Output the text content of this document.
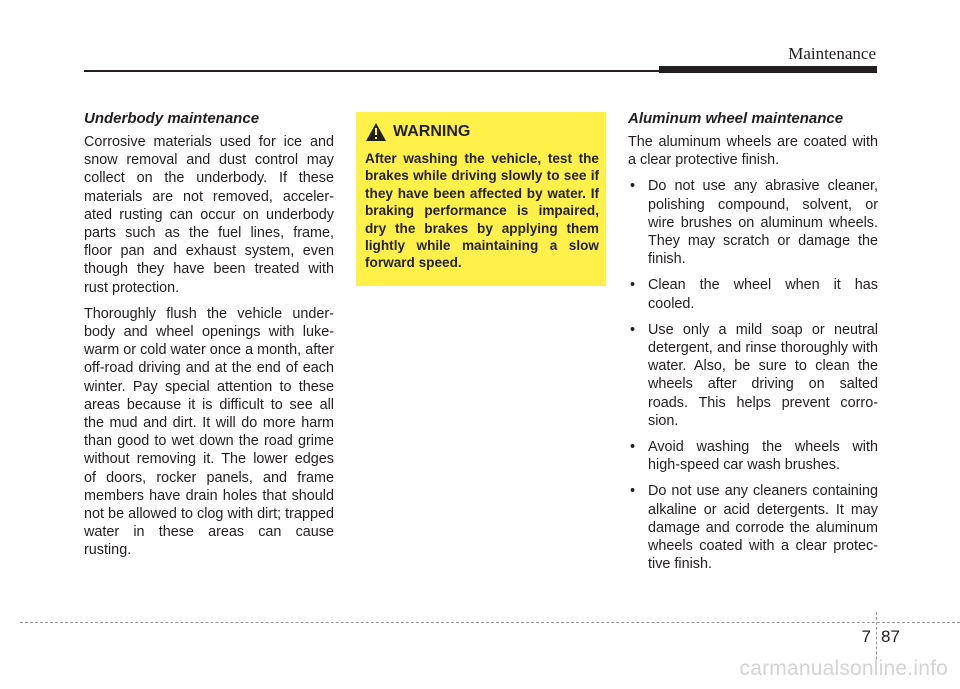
Maintenance
Underbody maintenance

Corrosive materials used for ice and snow removal and dust control may collect on the underbody. If these materials are not removed, acceler- ated rusting can occur on underbody parts such as the fuel lines, frame, floor pan and exhaust system, even though they have been treated with rust protection.

Thoroughly flush the vehicle under- body and wheel openings with luke- warm or cold water once a month, after off-road driving and at the end of each winter. Pay special attention to these areas because it is difficult to see all the mud and dirt. It will do more harm than good to wet down the road grime without removing it. The lower edges of doors, rocker panels, and frame members have drain holes that should not be allowed to clog with dirt; trapped water in these areas can cause rusting.

WARNING

After washing the vehicle, test the brakes while driving slowly to see if they have been affected by water. If braking performance is impaired, dry the brakes by applying them lightly while maintaining a slow forward speed.

Aluminum wheel maintenance

The aluminum wheels are coated with a clear protective finish.

• Do not use any abrasive cleaner, polishing compound, solvent, or wire brushes on aluminum wheels. They may scratch or damage the finish.
• Clean the wheel when it has cooled.
• Use only a mild soap or neutral detergent, and rinse thoroughly with water. Also, be sure to clean the wheels after driving on salted roads. This helps prevent corro- sion.
• Avoid washing the wheels with high-speed car wash brushes.
• Do not use any cleaners containing alkaline or acid detergents. It may damage and corrode the aluminum wheels coated with a clear protec- tive finish.
7 87
carmanualsonline.info
